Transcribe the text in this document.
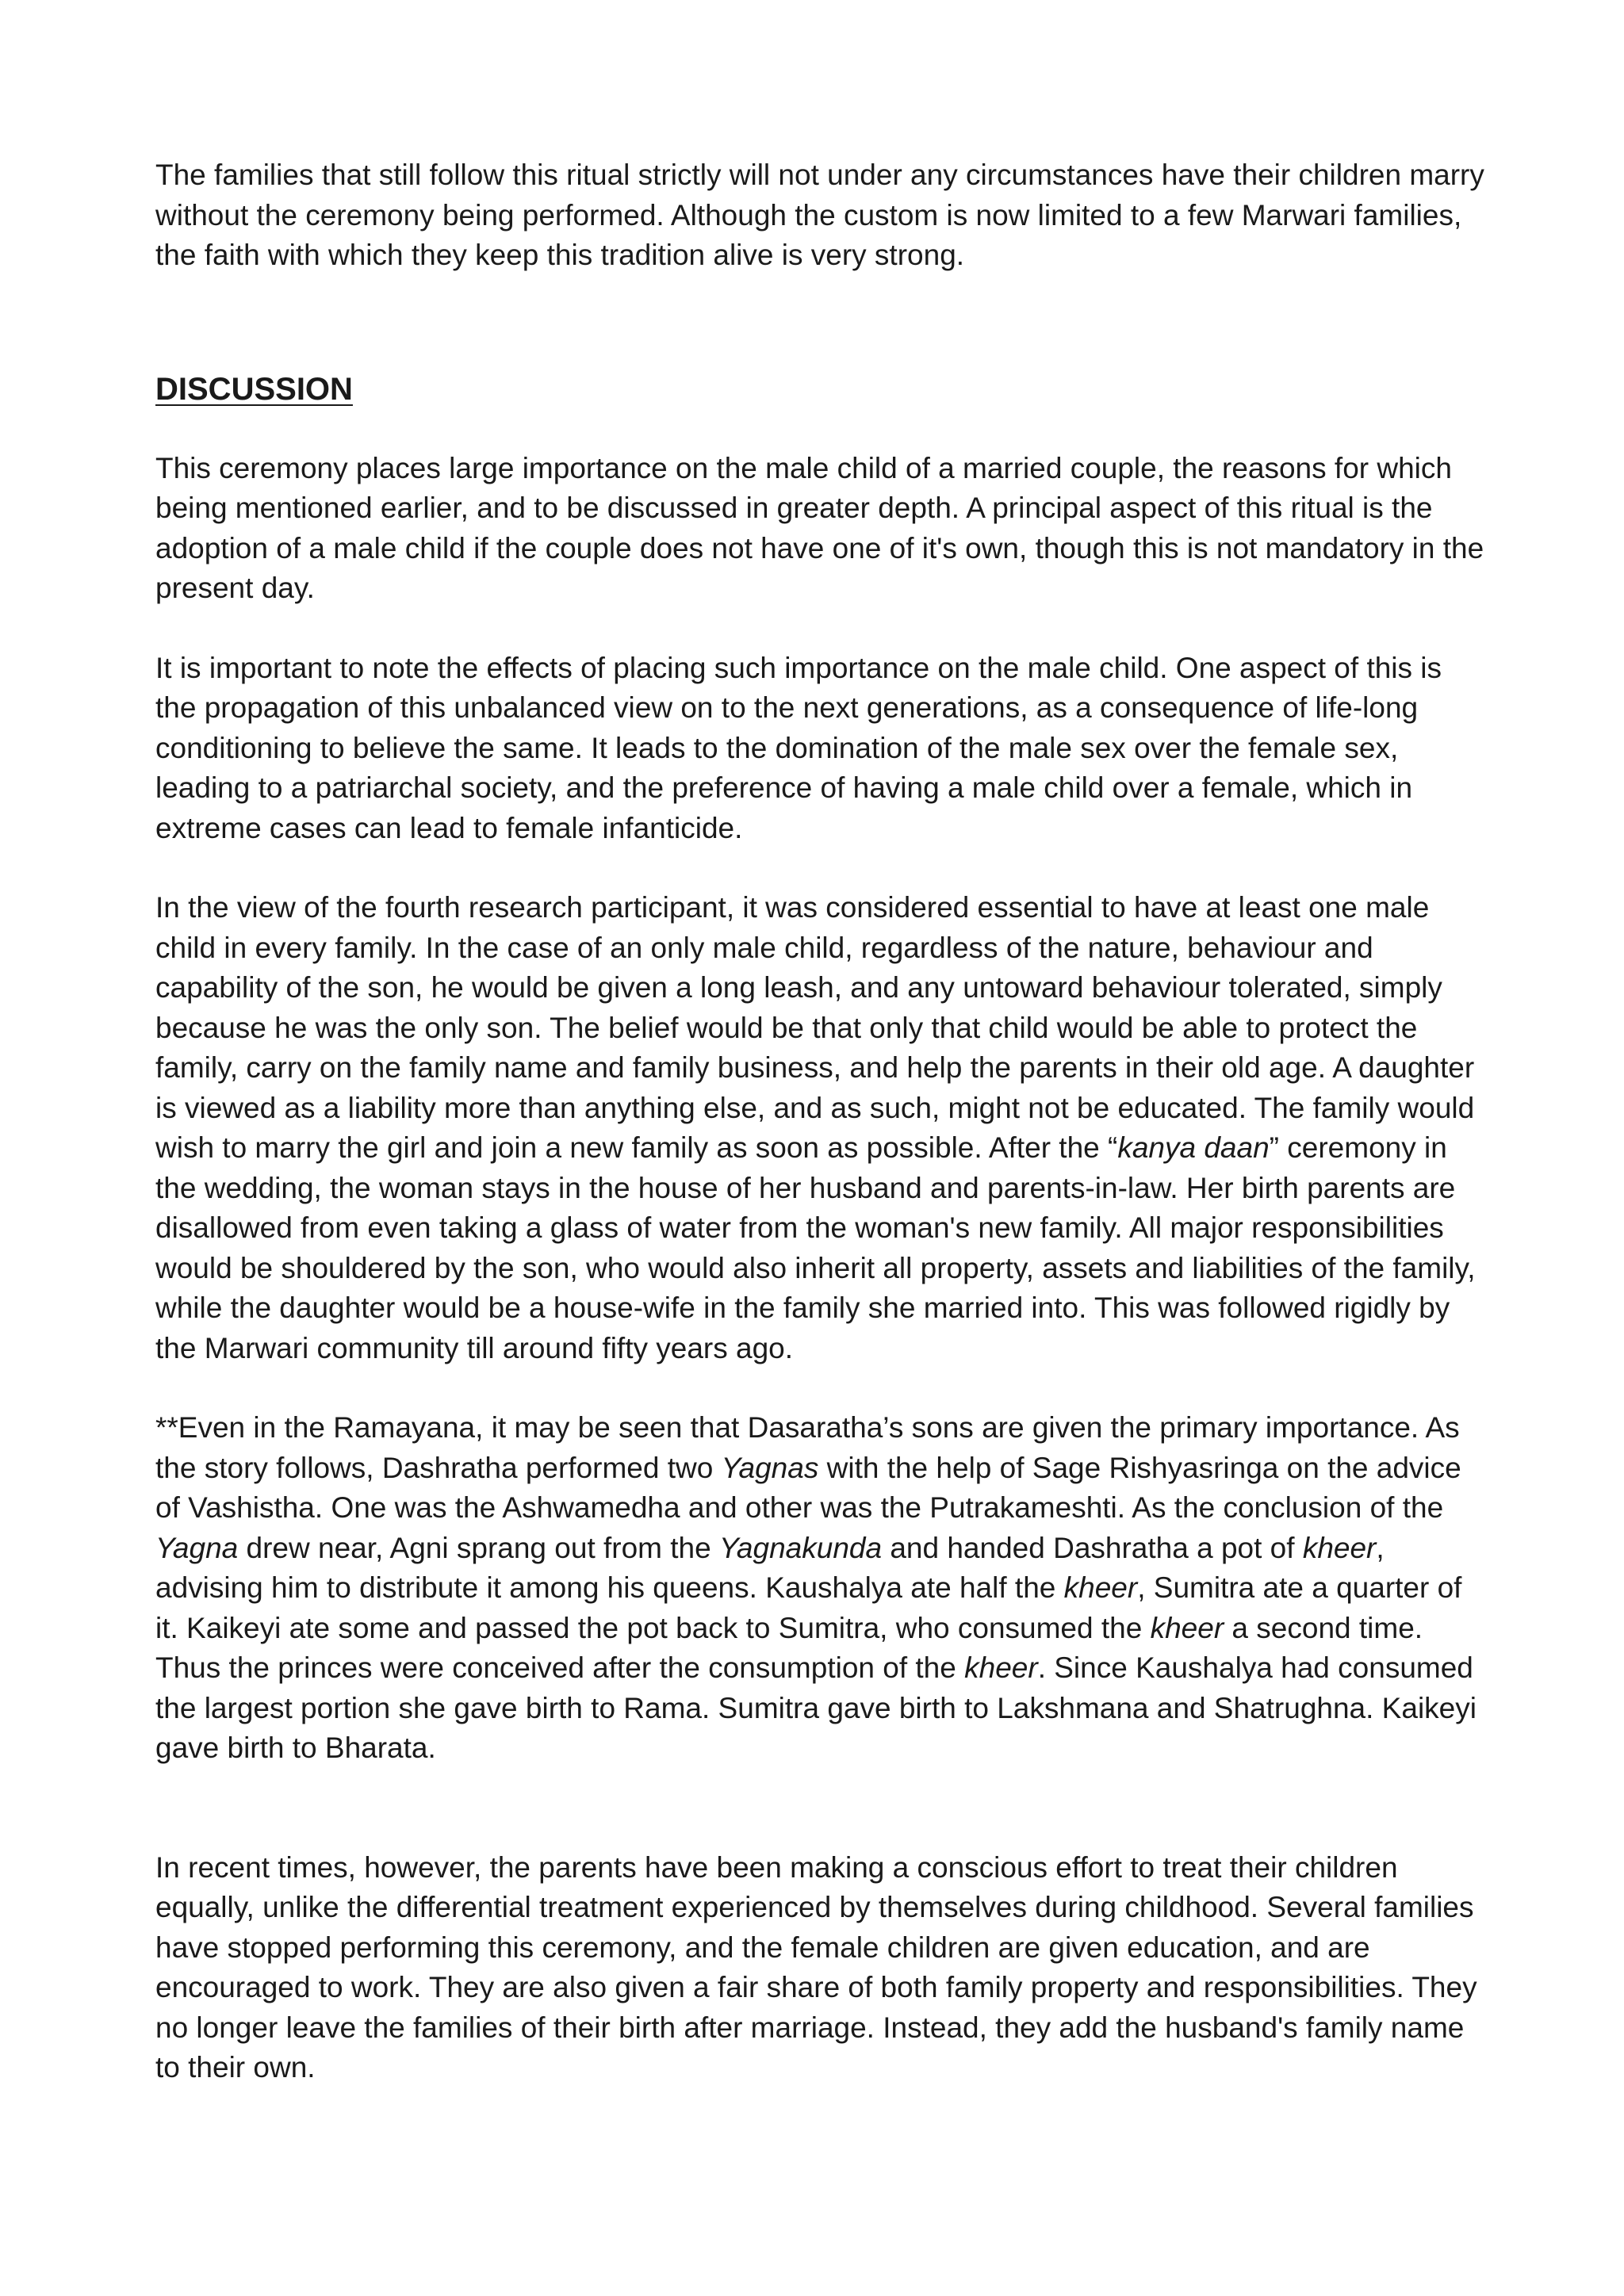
The families that still follow this ritual strictly will not under any circumstances have their children marry without the ceremony being performed. Although the custom is now limited to a few Marwari families, the faith with which they keep this tradition alive is very strong.

DISCUSSION

This ceremony places large importance on the male child of a married couple, the reasons for which being mentioned earlier, and to be discussed in greater depth. A principal aspect of this ritual is the adoption of a male child if the couple does not have one of it's own, though this is not mandatory in the present day.

It is important to note the effects of placing such importance on the male child. One aspect of this is the propagation of this unbalanced view on to the next generations, as a consequence of life-long conditioning to believe the same. It leads to the domination of the male sex over the female sex, leading to a patriarchal society, and the preference of having a male child over a female, which in extreme cases can lead to female infanticide.

In the view of the fourth research participant, it was considered essential to have at least one male child in every family. In the case of an only male child, regardless of the nature, behaviour and capability of the son, he would be given a long leash, and any untoward behaviour tolerated, simply because he was the only son. The belief would be that only that child would be able to protect the family, carry on the family name and family business, and help the parents in their old age. A daughter is viewed as a liability more than anything else, and as such, might not be educated. The family would wish to marry the girl and join a new family as soon as possible. After the “kanya daan” ceremony in the wedding, the woman stays in the house of her husband and parents-in-law. Her birth parents are disallowed from even taking a glass of water from the woman's new family. All major responsibilities would be shouldered by the son, who would also inherit all property, assets and liabilities of the family, while the daughter would be a house-wife in the family she married into. This was followed rigidly by the Marwari community till around fifty years ago.

**Even in the Ramayana, it may be seen that Dasaratha’s sons are given the primary importance. As the story follows, Dashratha performed two Yagnas with the help of Sage Rishyasringa on the advice of Vashistha. One was the Ashwamedha and other was the Putrakameshti. As the conclusion of the Yagna drew near, Agni sprang out from the Yagnakunda and handed Dashratha a pot of kheer, advising him to distribute it among his queens. Kaushalya ate half the kheer, Sumitra ate a quarter of it. Kaikeyi ate some and passed the pot back to Sumitra, who consumed the kheer a second time. Thus the princes were conceived after the consumption of the kheer. Since Kaushalya had consumed the largest portion she gave birth to Rama. Sumitra gave birth to Lakshmana and Shatrughna. Kaikeyi gave birth to Bharata.

In recent times, however, the parents have been making a conscious effort to treat their children equally, unlike the differential treatment experienced by themselves during childhood. Several families have stopped performing this ceremony, and the female children are given education, and are encouraged to work. They are also given a fair share of both family property and responsibilities. They no longer leave the families of their birth after marriage. Instead, they add the husband's family name to their own.
